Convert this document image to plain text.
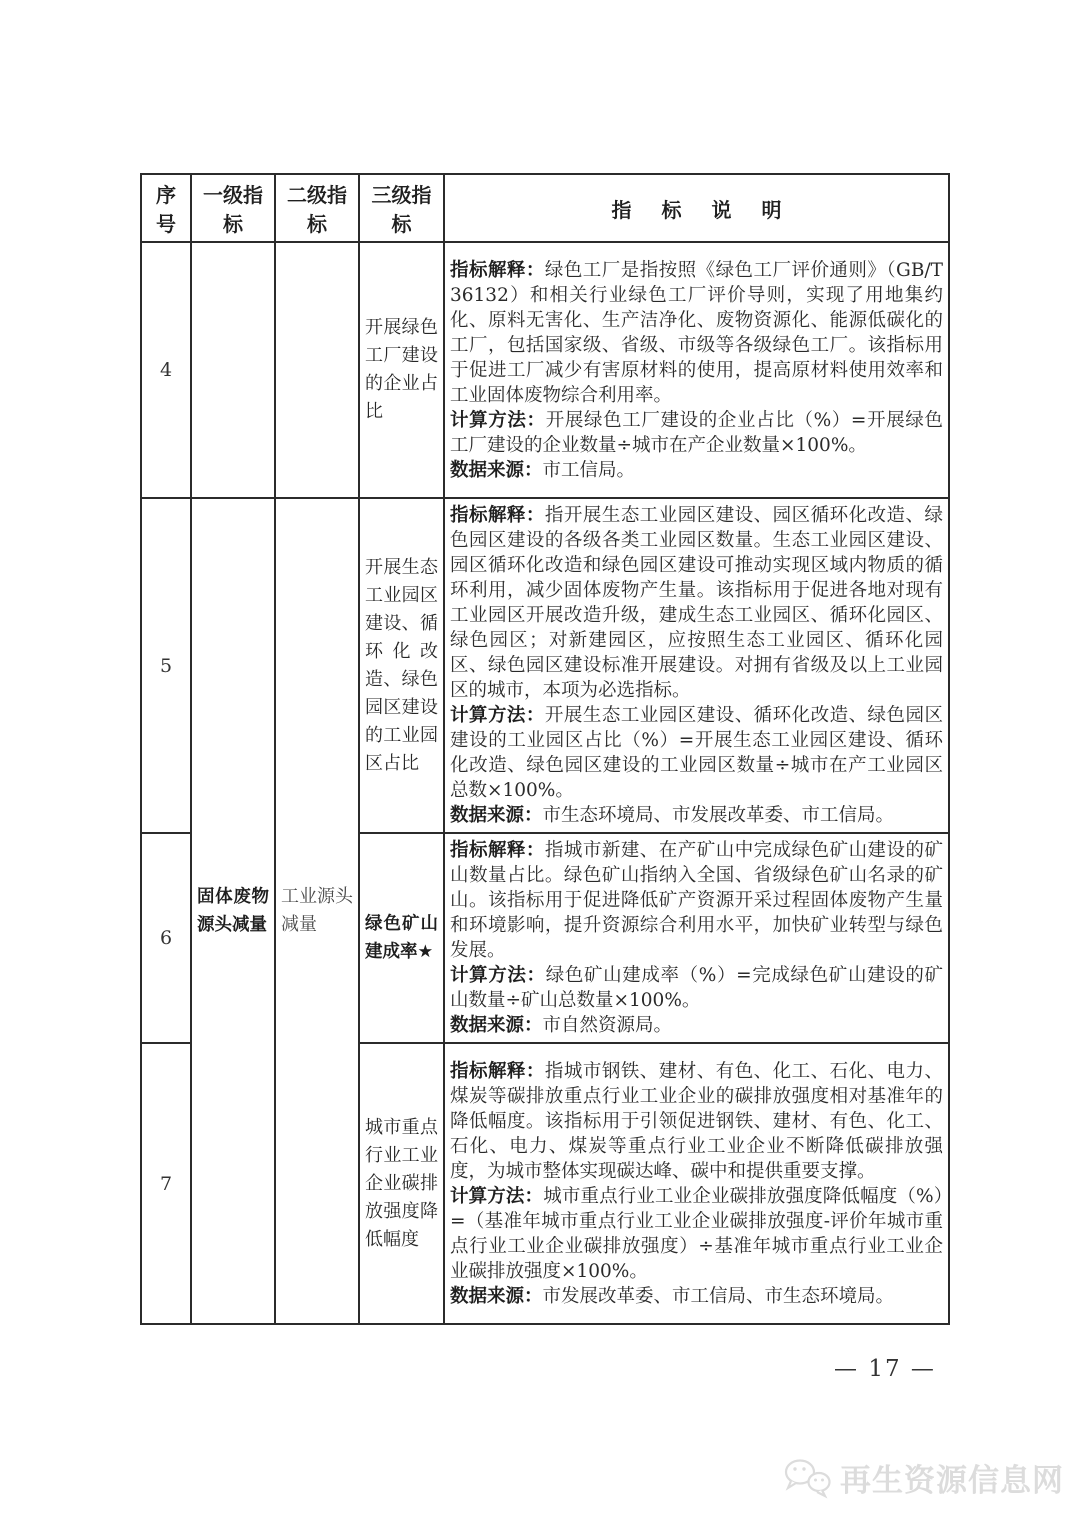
序号	一级指标	二级指标	三级指标	指标说明
4			开展绿色工厂建设的企业占比	指标解释：绿色工厂是指按照《绿色工厂评价通则》（GB/T 36132）和相关行业绿色工厂评价导则，实现了用地集约化、原料无害化、生产洁净化、废物资源化、能源低碳化的工厂，包括国家级、省级、市级等各级绿色工厂。该指标用于促进工厂减少有害原材料的使用，提高原材料使用效率和工业固体废物综合利用率。

计算方法：开展绿色工厂建设的企业占比（%）=开展绿色工厂建设的企业数量÷城市在产企业数量×100%。

数据来源：市工信局。

5	固体废物源头减量	工业源头减量	开展生态工业园区建设、循环化改造、绿色园区建设的工业园区占比	指标解释：指开展生态工业园区建设、园区循环化改造、绿色园区建设的各级各类工业园区数量。生态工业园区建设、园区循环化改造和绿色园区建设可推动实现区域内物质的循环利用，减少固体废物产生量。该指标用于促进各地对现有工业园区开展改造升级，建成生态工业园区、循环化园区、绿色园区；对新建园区，应按照生态工业园区、循环化园区、绿色园区建设标准开展建设。对拥有省级及以上工业园区的城市，本项为必选指标。

计算方法：开展生态工业园区建设、循环化改造、绿色园区建设的工业园区占比（%）=开展生态工业园区建设、循环化改造、绿色园区建设的工业园区数量÷城市在产工业园区总数×100%。

数据来源：市生态环境局、市发展改革委、市工信局。

6			绿色矿山建成率★	指标解释：指城市新建、在产矿山中完成绿色矿山建设的矿山数量占比。绿色矿山指纳入全国、省级绿色矿山名录的矿山。该指标用于促进降低矿产资源开采过程固体废物产生量和环境影响，提升资源综合利用水平，加快矿业转型与绿色发展。

计算方法：绿色矿山建成率（%）=完成绿色矿山建设的矿山数量÷矿山总数量×100%。

数据来源：市自然资源局。

7			城市重点行业工业企业碳排放强度降低幅度	指标解释：指城市钢铁、建材、有色、化工、石化、电力、煤炭等碳排放重点行业工业企业的碳排放强度相对基准年的降低幅度。该指标用于引领促进钢铁、建材、有色、化工、石化、电力、煤炭等重点行业工业企业不断降低碳排放强度，为城市整体实现碳达峰、碳中和提供重要支撑。

计算方法：城市重点行业工业企业碳排放强度降低幅度（%）=（基准年城市重点行业工业企业碳排放强度-评价年城市重点行业工业企业碳排放强度）÷基准年城市重点行业工业企业碳排放强度×100%。

数据来源：市发展改革委、市工信局、市生态环境局。

— 17 —
再生资源信息网
